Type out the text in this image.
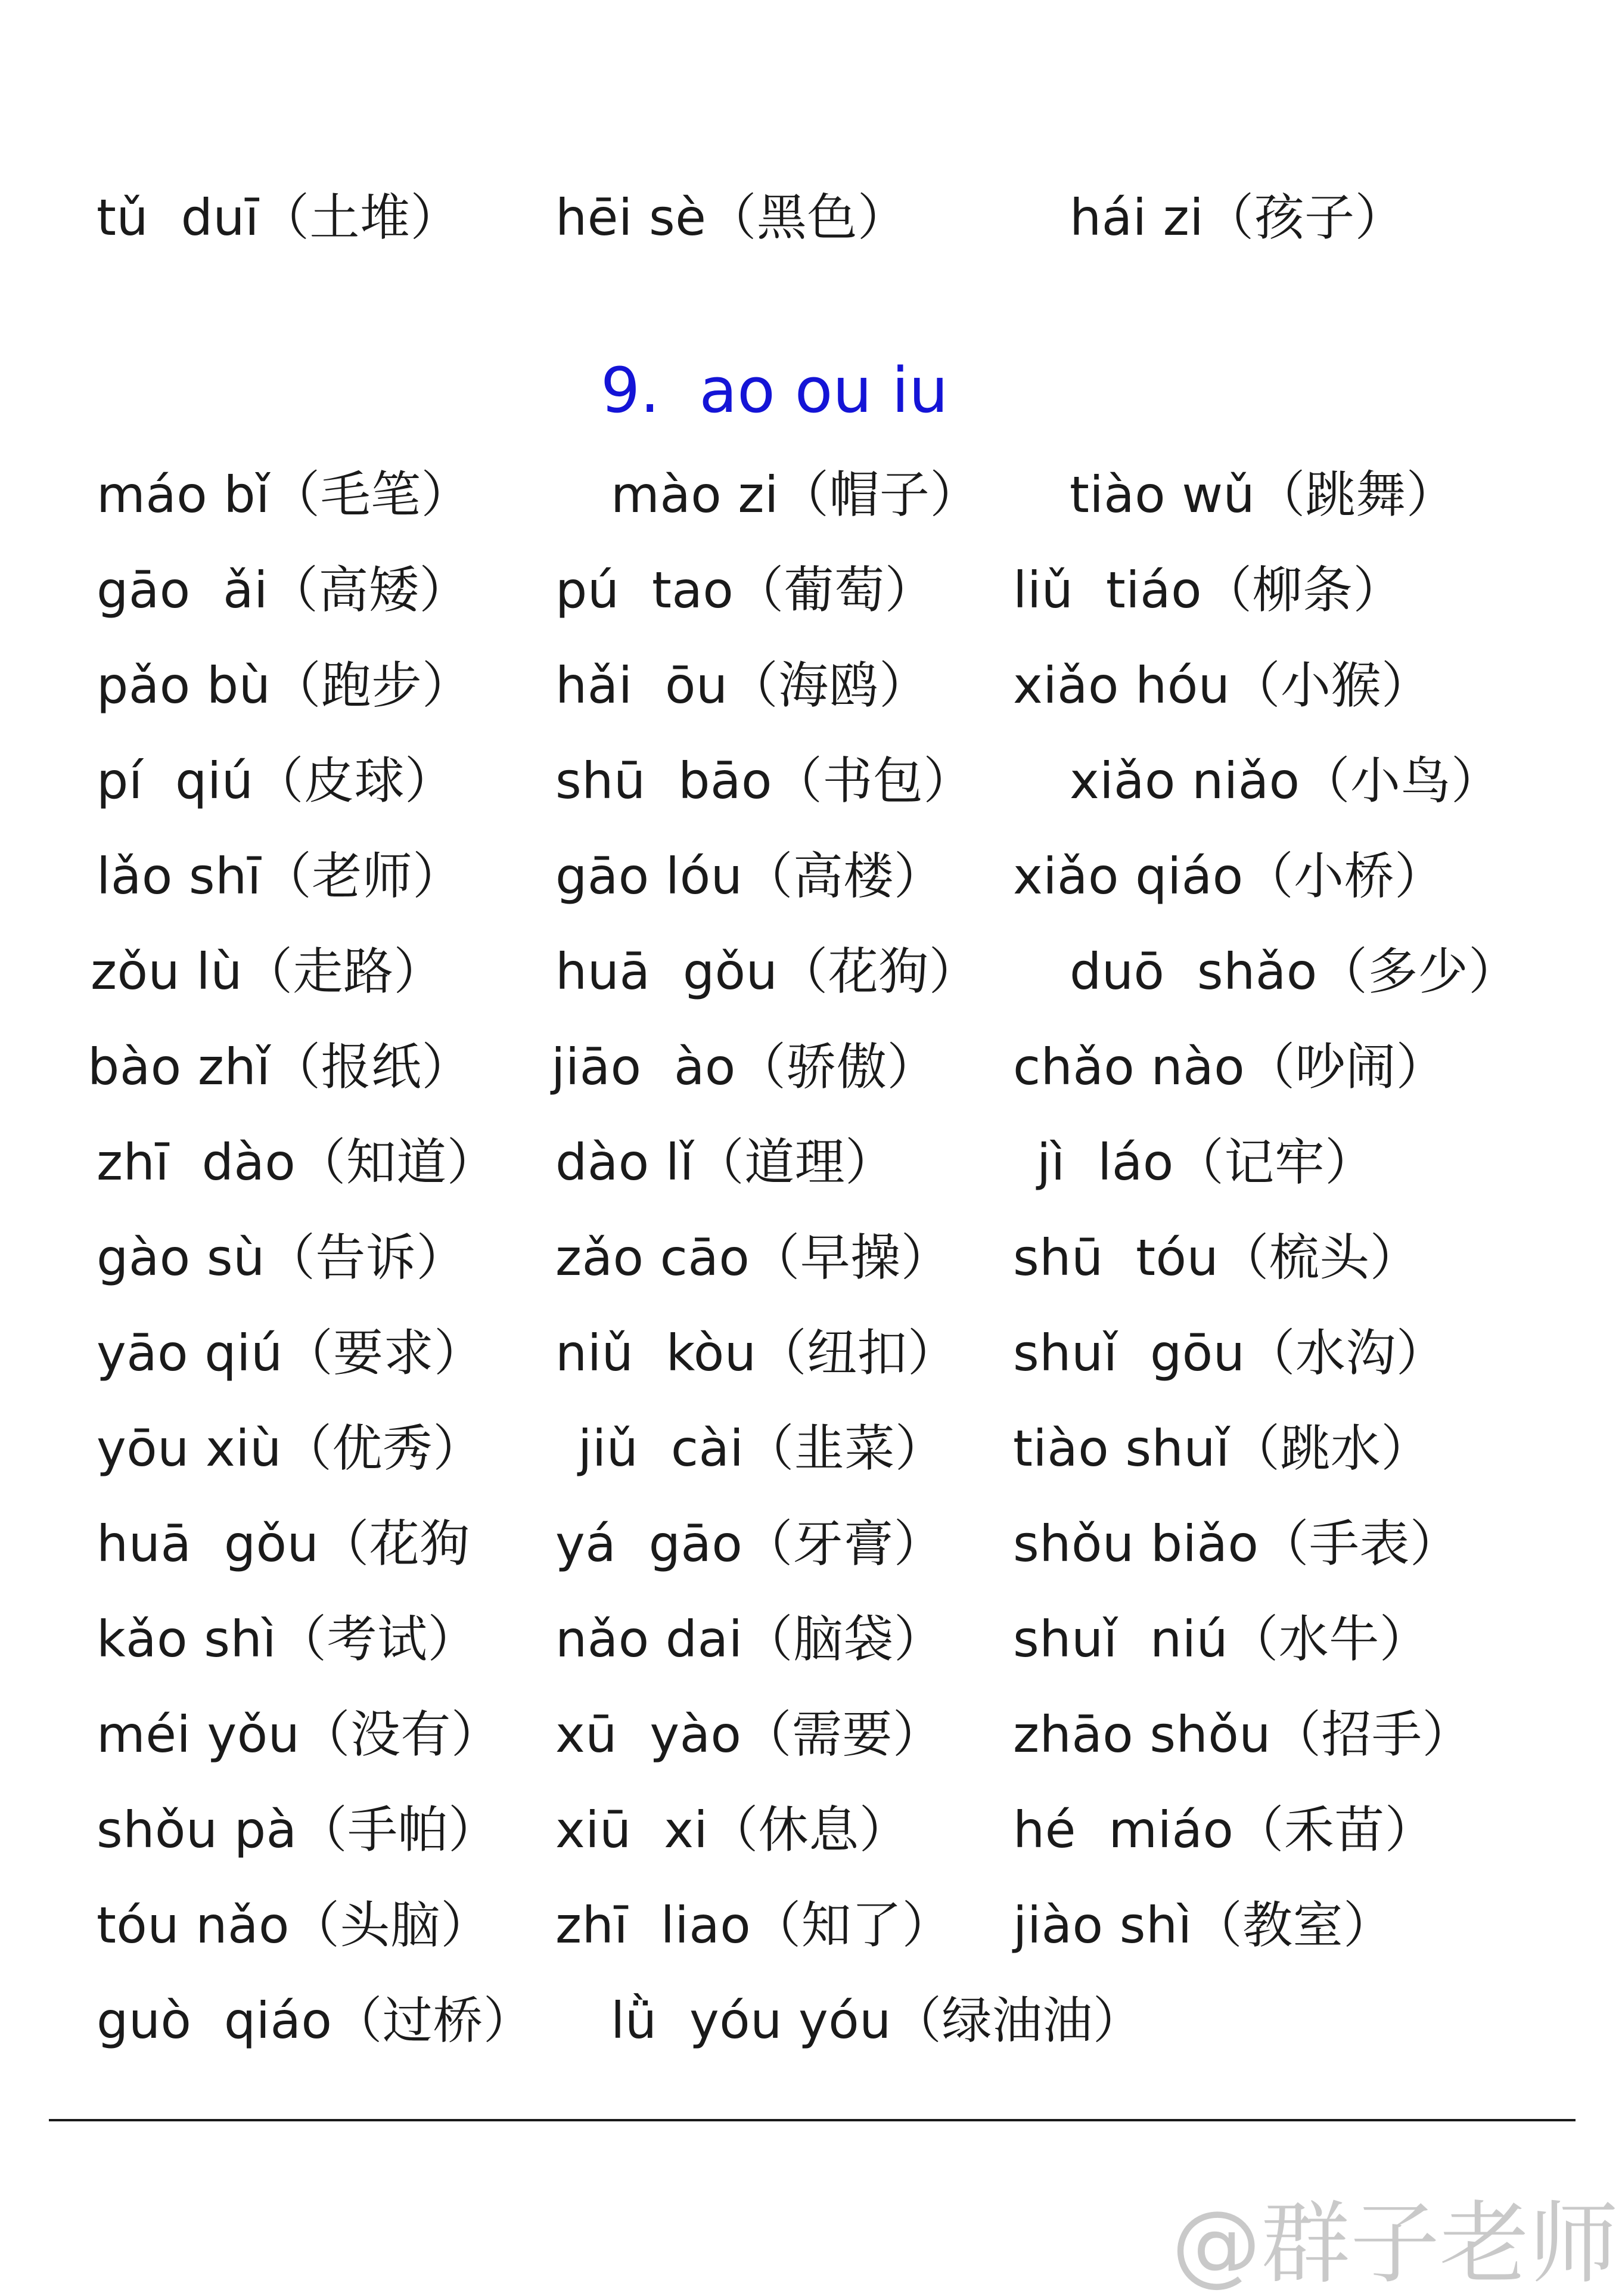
tǔ  duī（土堆） hēi sè（黑色）	hái zi（孩子）
9.  ao ou iu
máo bǐ（毛笔）	mào zi（帽子） tiào wǔ（跳舞）
gāo  ǎi（高矮） pú  tao（葡萄） liǔ  tiáo（柳条）
pǎo bù（跑步） hǎi  ōu（海鸥） xiǎo hóu（小猴）
pí  qiú（皮球） shū  bāo（书包） xiǎo niǎo（小鸟）
lǎo shī（老师） gāo lóu（高楼） xiǎo qiáo（小桥）
zǒu lù（走路） huā  gǒu（花狗） duō  shǎo（多少）
bào zhǐ（报纸） jiāo  ào（骄傲） chǎo nào（吵闹）
zhī  dào（知道） dào lǐ（道理）	jì  láo（记牢）
gào sù（告诉） zǎo cāo（早操） shū  tóu（梳头）
yāo qiú（要求） niǔ  kòu（纽扣） shuǐ  gōu（水沟）
yōu xiù（优秀） jiǔ  cài（韭菜） tiào shuǐ（跳水）
huā  gǒu（花狗 yá  gāo（牙膏） shǒu biǎo（手表）
kǎo shì（考试） nǎo dai（脑袋） shuǐ  niú（水牛）
méi yǒu（没有） xū  yào（需要） zhāo shǒu（招手）
shǒu pà（手帕） xiū  xi（休息） hé  miáo（禾苗）
tóu nǎo（头脑） zhī  liao（知了） jiào shì（教室）
guò  qiáo（过桥） lǜ  yóu yóu（绿油油）
@群子老师
